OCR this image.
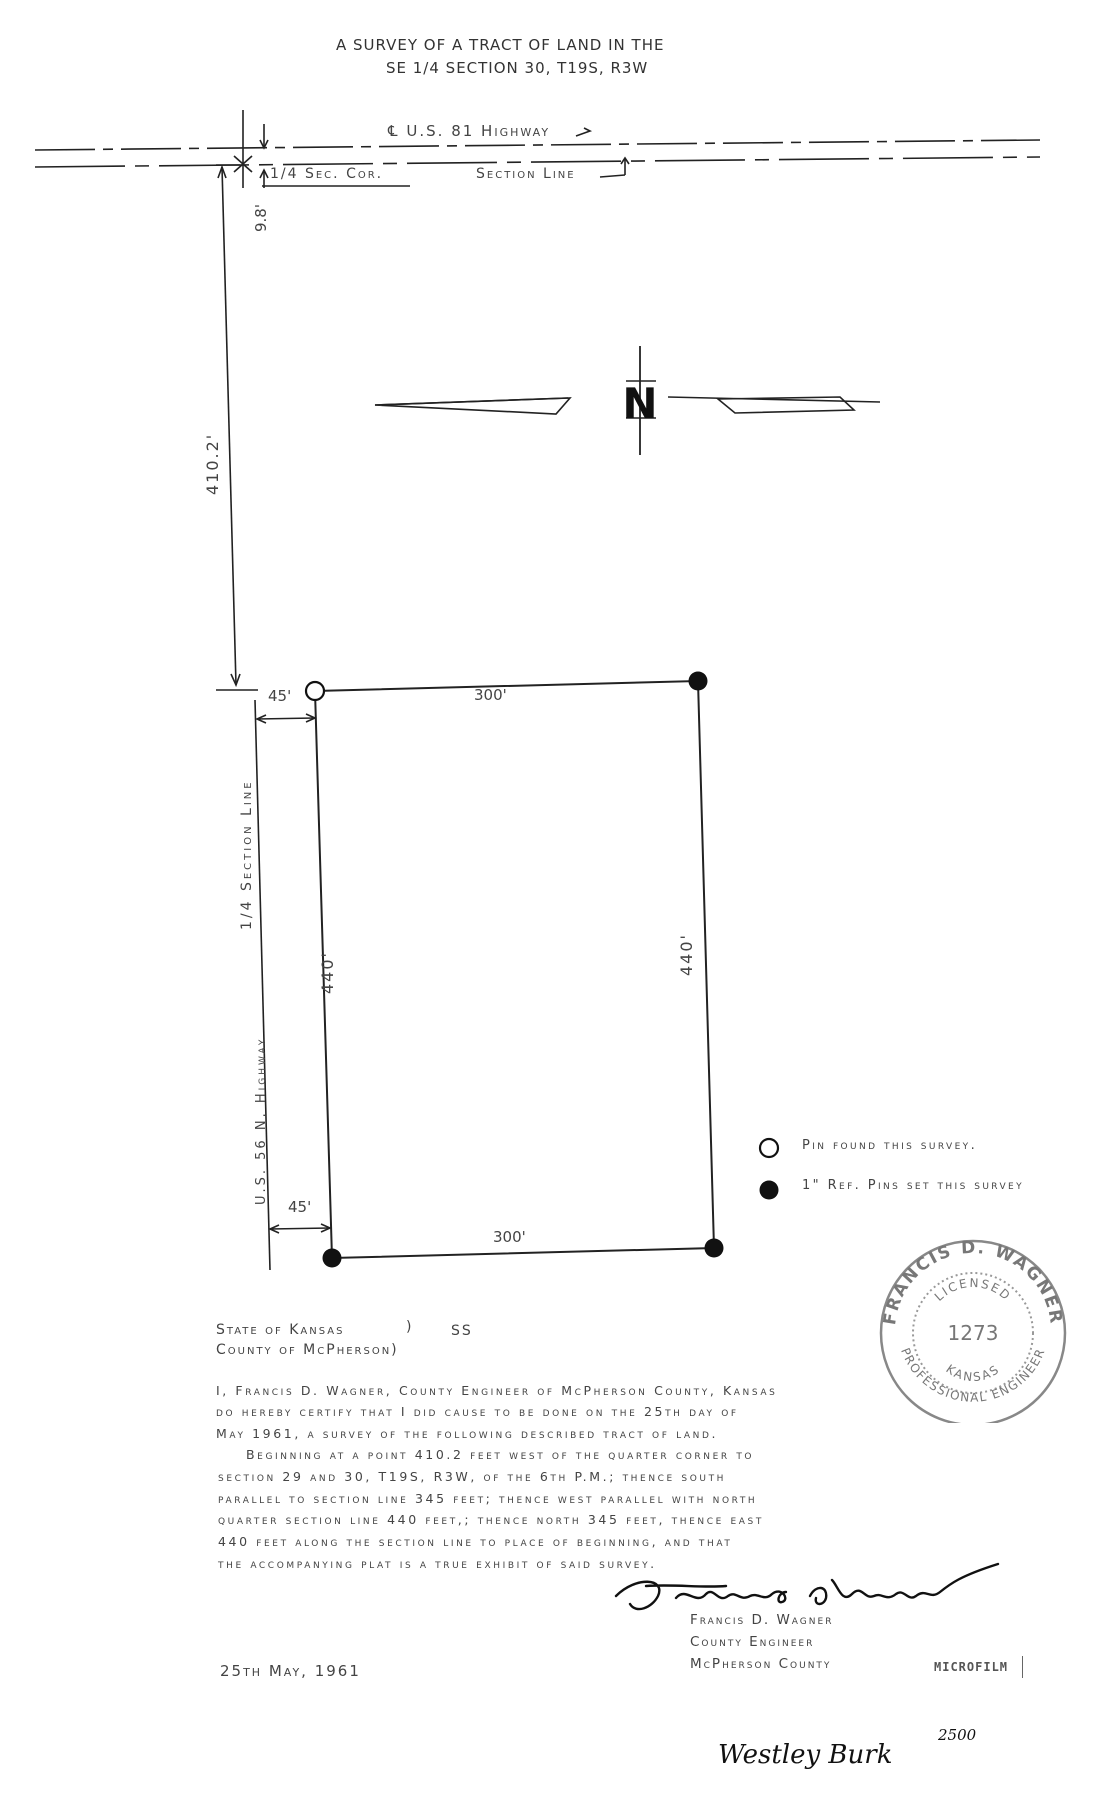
A SURVEY OF A TRACT OF LAND IN THE
SE 1/4 SECTION 30, T19S, R3W
N
9.8'
410.2'
1/4 Section Line
U.S. 56 N. Highway
440'	440'
℄ U.S. 81 Highway
1/4 Sec. Cor.	Section Line
45'	300'
45'
300'
Pin found this survey.
1" Ref. Pins set this survey
FRANCIS D. WAGNER
PROFESSIONAL ENGINEER
LICENSED
KANSAS
1273
State of Kansas	)	SS
County of McPherson)
I, Francis D. Wagner, County Engineer of McPherson County, Kansas
do hereby certify that I did cause to be done on the 25th day of
May 1961, a survey of the following described tract of land.
Beginning at a point 410.2 feet west of the quarter corner to
section 29 and 30, T19S, R3W, of the 6th P.M.; thence south
parallel to section line 345 feet; thence west parallel with north
quarter section line 440 feet,; thence north 345 feet, thence east
440 feet along the section line to place of beginning, and that
the accompanying plat is a true exhibit of said survey.
Francis D. Wagner
County Engineer
McPherson County
25th May, 1961	MICROFILM
Westley Burk
2500
